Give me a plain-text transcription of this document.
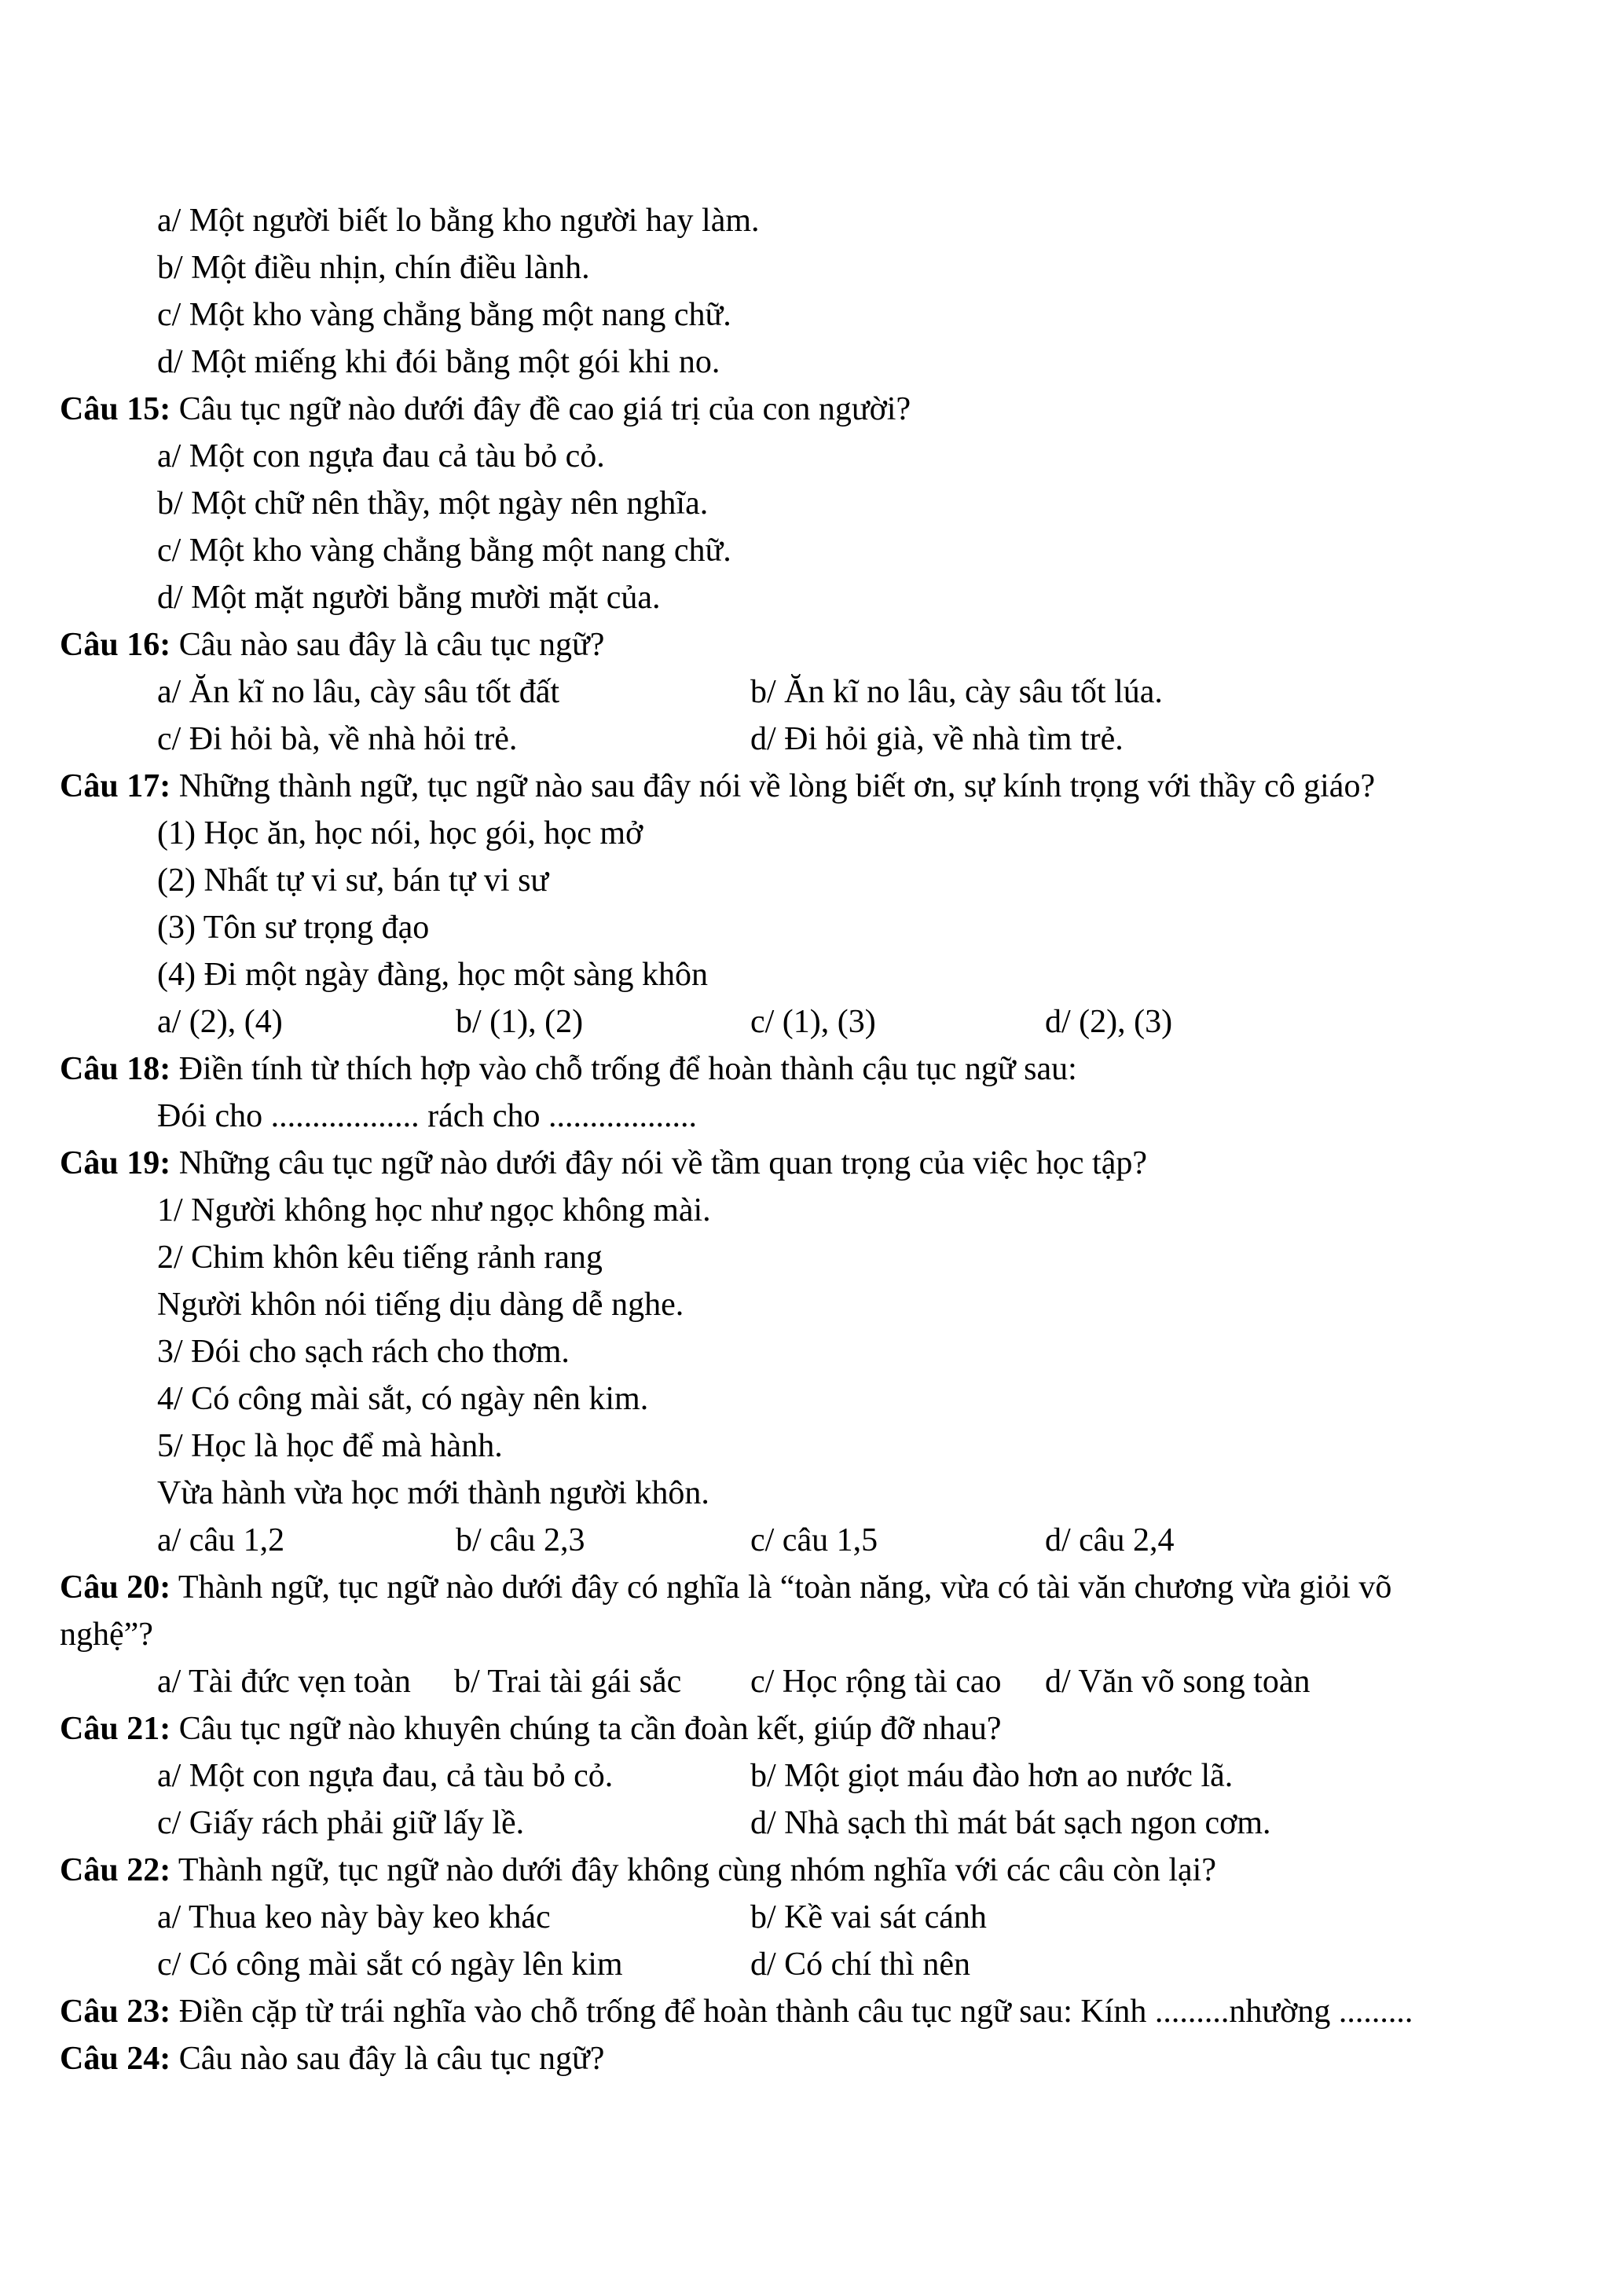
a/ Một người biết lo bằng kho người hay làm.
b/ Một điều nhịn, chín điều lành.
c/ Một kho vàng chẳng bằng một nang chữ.
d/ Một miếng khi đói bằng một gói khi no.
Câu 15: Câu tục ngữ nào dưới đây đề cao giá trị của con người?
a/ Một con ngựa đau cả tàu bỏ cỏ.
b/ Một chữ nên thầy, một ngày nên nghĩa.
c/ Một kho vàng chẳng bằng một nang chữ.
d/ Một mặt người bằng mười mặt của.
Câu 16: Câu nào sau đây là câu tục ngữ?
a/ Ăn kĩ no lâu, cày sâu tốt đất	b/ Ăn kĩ no lâu, cày sâu tốt lúa.
c/ Đi hỏi bà, về nhà hỏi trẻ.	d/ Đi hỏi già, về nhà tìm trẻ.
Câu 17: Những thành ngữ, tục ngữ nào sau đây nói về lòng biết ơn, sự kính trọng với thầy cô giáo?
(1) Học ăn, học nói, học gói, học mở
(2) Nhất tự vi sư, bán tự vi sư
(3) Tôn sư trọng đạo
(4) Đi một ngày đàng, học một sàng khôn
a/ (2), (4)	b/ (1), (2)	c/ (1), (3)	d/ (2), (3)
Câu 18: Điền tính từ thích hợp vào chỗ trống để hoàn thành cậu tục ngữ sau:
Đói cho .................. rách cho ..................
Câu 19: Những câu tục ngữ nào dưới đây nói về tầm quan trọng của việc học tập?
1/ Người không học như ngọc không mài.
2/ Chim khôn kêu tiếng rảnh rang
Người khôn nói tiếng dịu dàng dễ nghe.
3/ Đói cho sạch rách cho thơm.
4/ Có công mài sắt, có ngày nên kim.
5/ Học là học để mà hành.
Vừa hành vừa học mới thành người khôn.
a/ câu 1,2	b/ câu 2,3	c/ câu 1,5	d/ câu 2,4
Câu 20: Thành ngữ, tục ngữ nào dưới đây có nghĩa là “toàn năng, vừa có tài văn chương vừa giỏi võ
nghệ”?
a/ Tài đức vẹn toàn b/ Trai tài gái sắc c/ Học rộng tài cao d/ Văn võ song toàn
Câu 21: Câu tục ngữ nào khuyên chúng ta cần đoàn kết, giúp đỡ nhau?
a/ Một con ngựa đau, cả tàu bỏ cỏ.	b/ Một giọt máu đào hơn ao nước lã.
c/ Giấy rách phải giữ lấy lề.	d/ Nhà sạch thì mát bát sạch ngon cơm.
Câu 22: Thành ngữ, tục ngữ nào dưới đây không cùng nhóm nghĩa với các câu còn lại?
a/ Thua keo này bày keo khác	b/ Kề vai sát cánh
c/ Có công mài sắt có ngày lên kim	d/ Có chí thì nên
Câu 23: Điền cặp từ trái nghĩa vào chỗ trống để hoàn thành câu tục ngữ sau: Kính .........nhường .........
Câu 24: Câu nào sau đây là câu tục ngữ?
